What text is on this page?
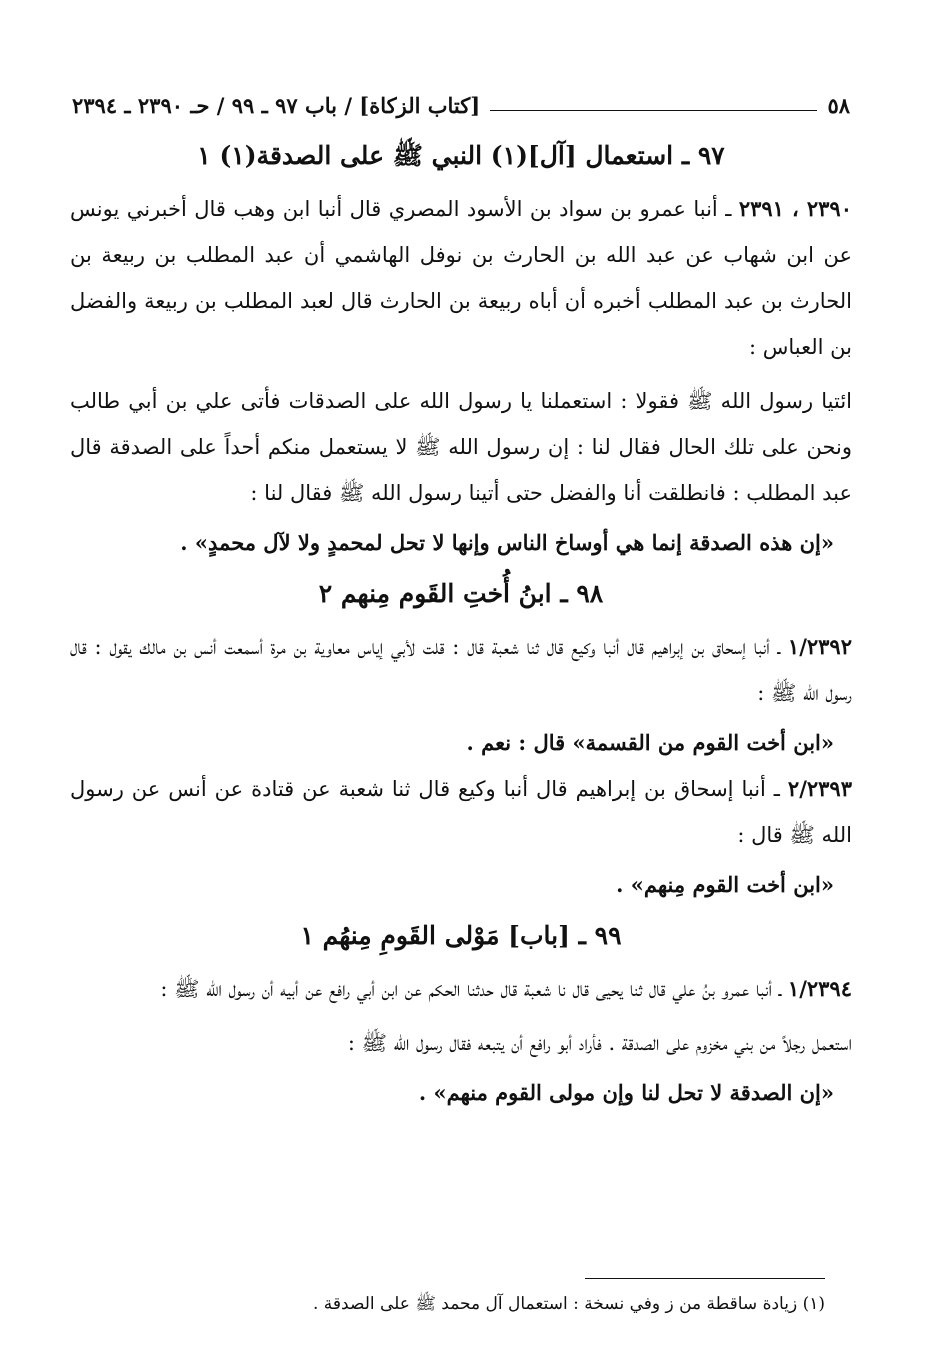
٥٨
[كتاب الزكاة] / باب ٩٧ ـ ٩٩ / حـ ٢٣٩٠ ـ ٢٣٩٤
٩٧ ـ استعمال [آل](١) النبي ﷺ على الصدقة(١) ١

٢٣٩٠ ، ٢٣٩١ ـ أنبا عمرو بن سواد بن الأسود المصري قال أنبا ابن وهب قال أخبرني يونس عن ابن شهاب عن عبد الله بن الحارث بن نوفل الهاشمي أن عبد المطلب بن ربيعة بن الحارث بن عبد المطلب أخبره أن أباه ربيعة بن الحارث قال لعبد المطلب بن ربيعة والفضل بن العباس :

ائتيا رسول الله ﷺ فقولا : استعملنا يا رسول الله على الصدقات فأتى علي بن أبي طالب ونحن على تلك الحال فقال لنا : إن رسول الله ﷺ لا يستعمل منكم أحداً على الصدقة قال عبد المطلب : فانطلقت أنا والفضل حتى أتينا رسول الله ﷺ فقال لنا :

«إن هذه الصدقة إنما هي أوساخ الناس وإنها لا تحل لمحمدٍ ولا لآل محمدٍ» .

٩٨ ـ ابنُ أُختِ القَوم مِنهم ٢

١/٢٣٩٢ ـ أنبا إسحاق بن إبراهيم قال أنبا وكيع قال ثنا شعبة قال : قلت لأبي إياس معاوية بن مرة أسمعت أنس بن مالك يقول : قال رسول الله ﷺ :

«ابن أخت القوم من القسمة» قال : نعم .

٢/٢٣٩٣ ـ أنبا إسحاق بن إبراهيم قال أنبا وكيع قال ثنا شعبة عن قتادة عن أنس عن رسول الله ﷺ قال :

«ابن أخت القوم مِنهم» .

٩٩ ـ [باب] مَوْلى القَومِ مِنهُم ١

١/٢٣٩٤ ـ أنبا عمرو بنُ علي قال ثنا يحيى قال نا شعبة قال حدثنا الحكم عن ابن أبي رافع عن أبيه أن رسول الله ﷺ :

استعمل رجلاً من بني مخزوم على الصدقة . فأراد أبو رافع أن يتبعه فقال رسول الله ﷺ :

«إن الصدقة لا تحل لنا وإن مولى القوم منهم» .

(١) زيادة ساقطة من ز وفي نسخة : استعمال آل محمد ﷺ على الصدقة .
